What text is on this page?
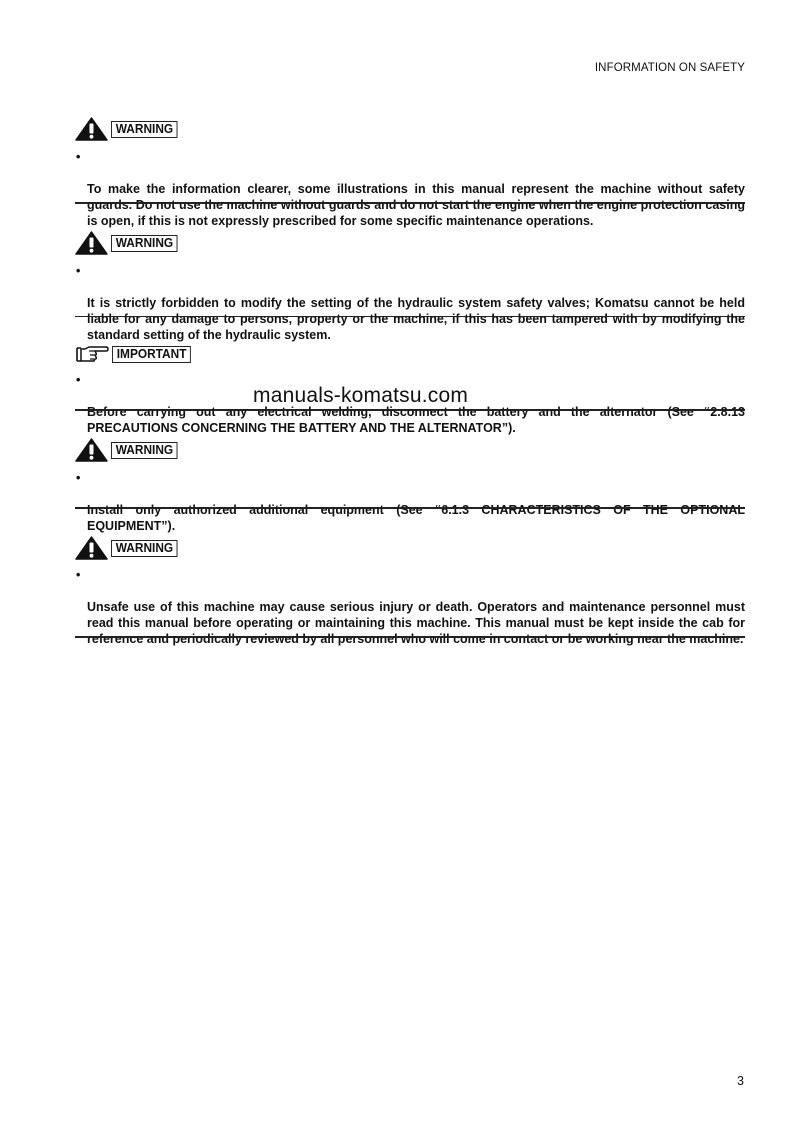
INFORMATION ON SAFETY
WARNING

•

To make the information clearer, some illustrations in this manual represent the machine without safety guards. Do not use the machine without guards and do not start the engine when the engine protection casing is open, if this is not expressly prescribed for some specific maintenance operations.

WARNING

•

It is strictly forbidden to modify the setting of the hydraulic system safety valves; Komatsu cannot be held liable for any damage to persons, property or the machine, if this has been tampered with by modifying the standard setting of the hydraulic system.

IMPORTANT

•

Before carrying out any electrical welding, disconnect the battery and the alternator (See “2.8.13 PRECAUTIONS CONCERNING THE BATTERY AND THE ALTERNATOR”).

WARNING

•

Install only authorized additional equipment (See “6.1.3 CHARACTERISTICS OF THE OPTIONAL EQUIPMENT”).

WARNING

•

Unsafe use of this machine may cause serious injury or death. Operators and maintenance personnel must read this manual before operating or maintaining this machine. This manual must be kept inside the cab for reference and periodically reviewed by all personnel who will come in contact or be working near the machine.

manuals-komatsu.com
3
